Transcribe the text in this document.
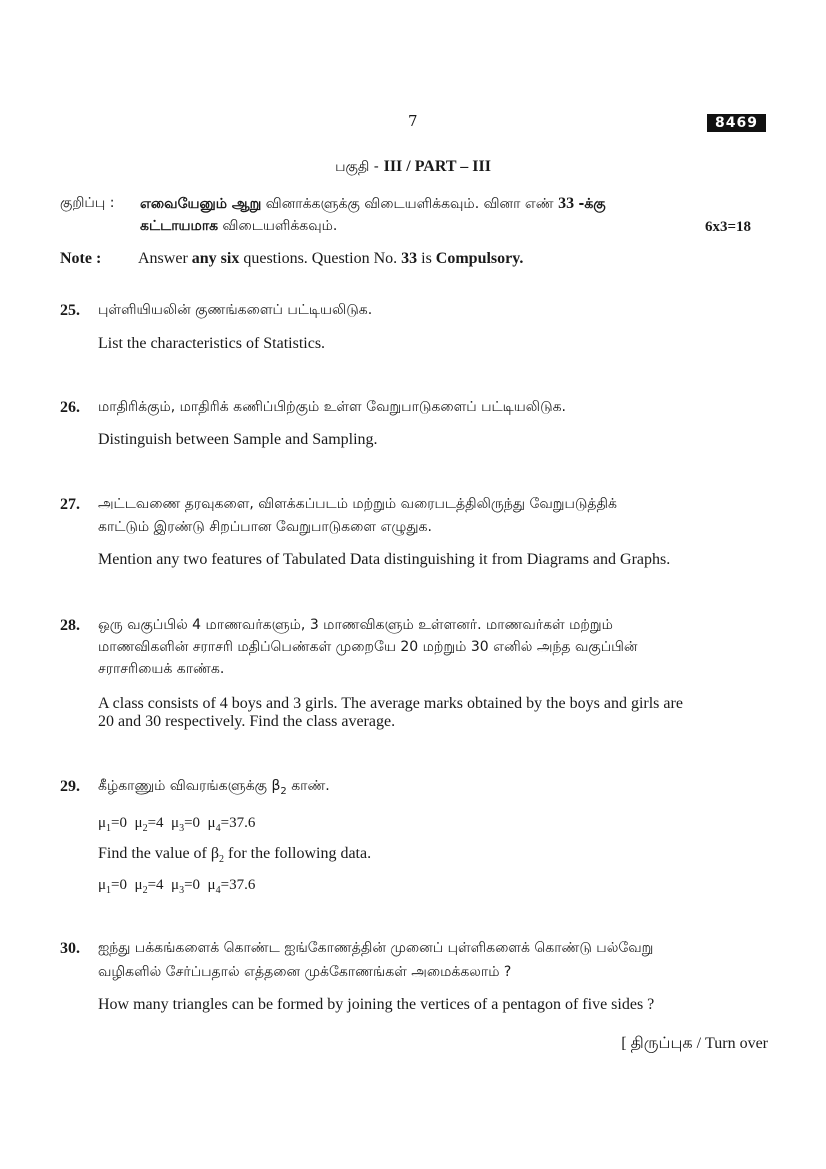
7	8469
பகுதி - III / PART – III
குறிப்பு : எவையேனும் ஆறு வினாக்களுக்கு விடையளிக்கவும். வினா எண் 33 -க்கு
கட்டாயமாக விடையளிக்கவும்.	6x3=18
Note : Answer any six questions. Question No. 33 is Compulsory.
25. புள்ளியியலின் குணங்களைப் பட்டியலிடுக.
List the characteristics of Statistics.
26. மாதிரிக்கும், மாதிரிக் கணிப்பிற்கும் உள்ள வேறுபாடுகளைப் பட்டியலிடுக.
Distinguish between Sample and Sampling.
27. அட்டவணை தரவுகளை, விளக்கப்படம் மற்றும் வரைபடத்திலிருந்து வேறுபடுத்திக்
காட்டும் இரண்டு சிறப்பான வேறுபாடுகளை எழுதுக.
Mention any two features of Tabulated Data distinguishing it from Diagrams and Graphs.
28. ஒரு வகுப்பில் 4 மாணவர்களும், 3 மாணவிகளும் உள்ளனர். மாணவர்கள் மற்றும்
மாணவிகளின் சராசரி மதிப்பெண்கள் முறையே 20 மற்றும் 30 எனில் அந்த வகுப்பின்
சராசரியைக் காண்க.
A class consists of 4 boys and 3 girls. The average marks obtained by the boys and girls are
20 and 30 respectively. Find the class average.
29. கீழ்காணும் விவரங்களுக்கு $\beta_2$ காண்.
$\mu_1=0$  $\mu_2=4$  $\mu_3=0$  $\mu_4=37.6$
Find the value of $\beta_2$ for the following data.
$\mu_1=0$  $\mu_2=4$  $\mu_3=0$  $\mu_4=37.6$
30. ஐந்து பக்கங்களைக் கொண்ட ஐங்கோணத்தின் முனைப் புள்ளிகளைக் கொண்டு பல்வேறு
வழிகளில் சேர்ப்பதால் எத்தனை முக்கோணங்கள் அமைக்கலாம் ?
How many triangles can be formed by joining the vertices of a pentagon of five sides ?
[ திருப்புக / Turn over
